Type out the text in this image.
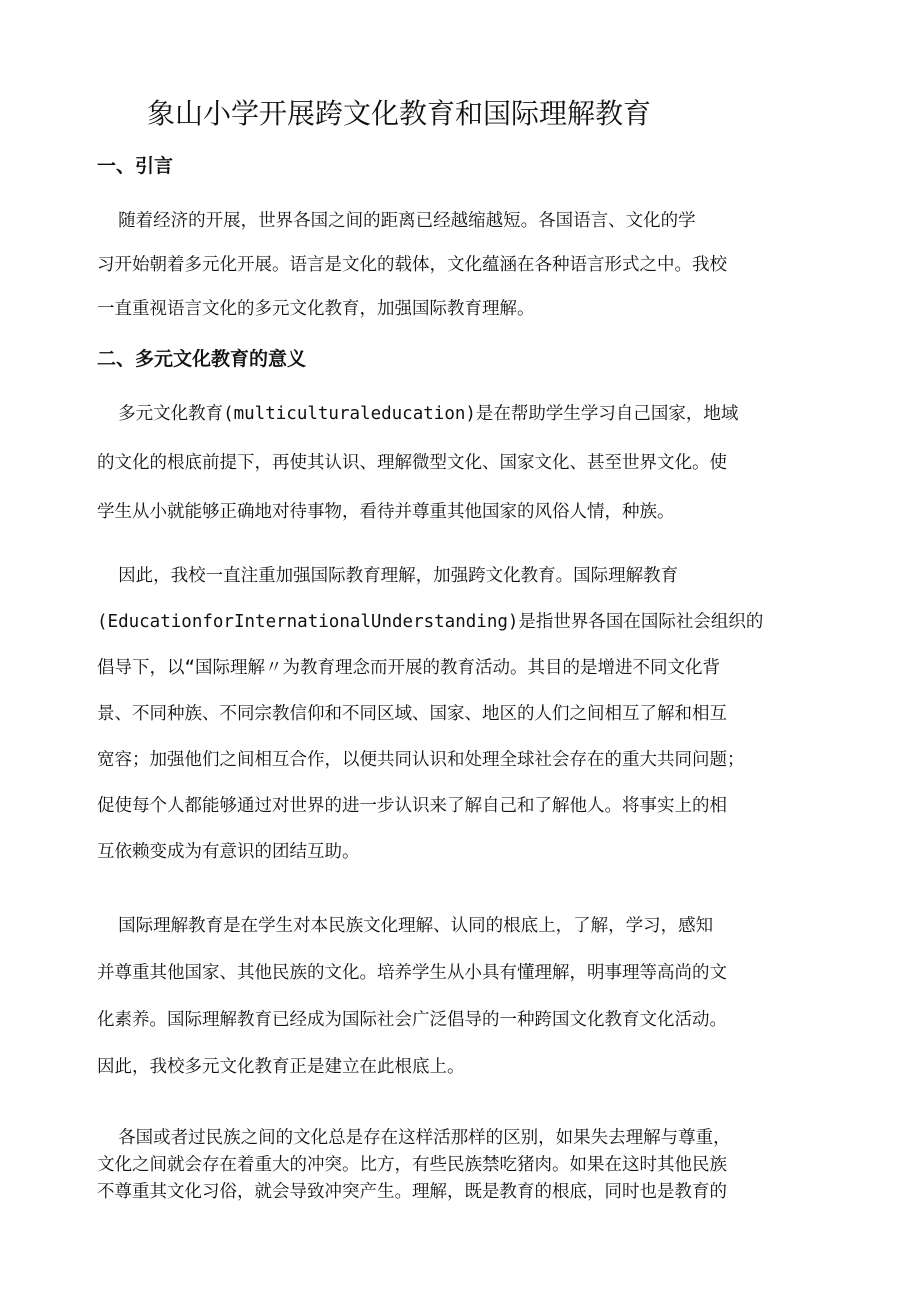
象山小学开展跨文化教育和国际理解教育
一、引言
随着经济的开展，世界各国之间的距离已经越缩越短。各国语言、文化的学
习开始朝着多元化开展。语言是文化的载体，文化蕴涵在各种语言形式之中。我校
一直重视语言文化的多元文化教育，加强国际教育理解。
二、多元文化教育的意义
多元文化教育(multiculturaleducation)是在帮助学生学习自己国家，地域
的文化的根底前提下，再使其认识、理解微型文化、国家文化、甚至世界文化。使
学生从小就能够正确地对待事物，看待并尊重其他国家的风俗人情，种族。
因此，我校一直注重加强国际教育理解，加强跨文化教育。国际理解教育
(EducationforInternationalUnderstanding)是指世界各国在国际社会组织的
倡导下，以“国际理解〃为教育理念而开展的教育活动。其目的是增进不同文化背
景、不同种族、不同宗教信仰和不同区域、国家、地区的人们之间相互了解和相互
宽容；加强他们之间相互合作，以便共同认识和处理全球社会存在的重大共同问题；
促使每个人都能够通过对世界的进一步认识来了解自己和了解他人。将事实上的相
互依赖变成为有意识的团结互助。
国际理解教育是在学生对本民族文化理解、认同的根底上，了解，学习，感知
并尊重其他国家、其他民族的文化。培养学生从小具有懂理解，明事理等高尚的文
化素养。国际理解教育已经成为国际社会广泛倡导的一种跨国文化教育文化活动。
因此，我校多元文化教育正是建立在此根底上。
各国或者过民族之间的文化总是存在这样活那样的区别，如果失去理解与尊重，
文化之间就会存在着重大的冲突。比方，有些民族禁吃猪肉。如果在这时其他民族
不尊重其文化习俗，就会导致冲突产生。理解，既是教育的根底，同时也是教育的
